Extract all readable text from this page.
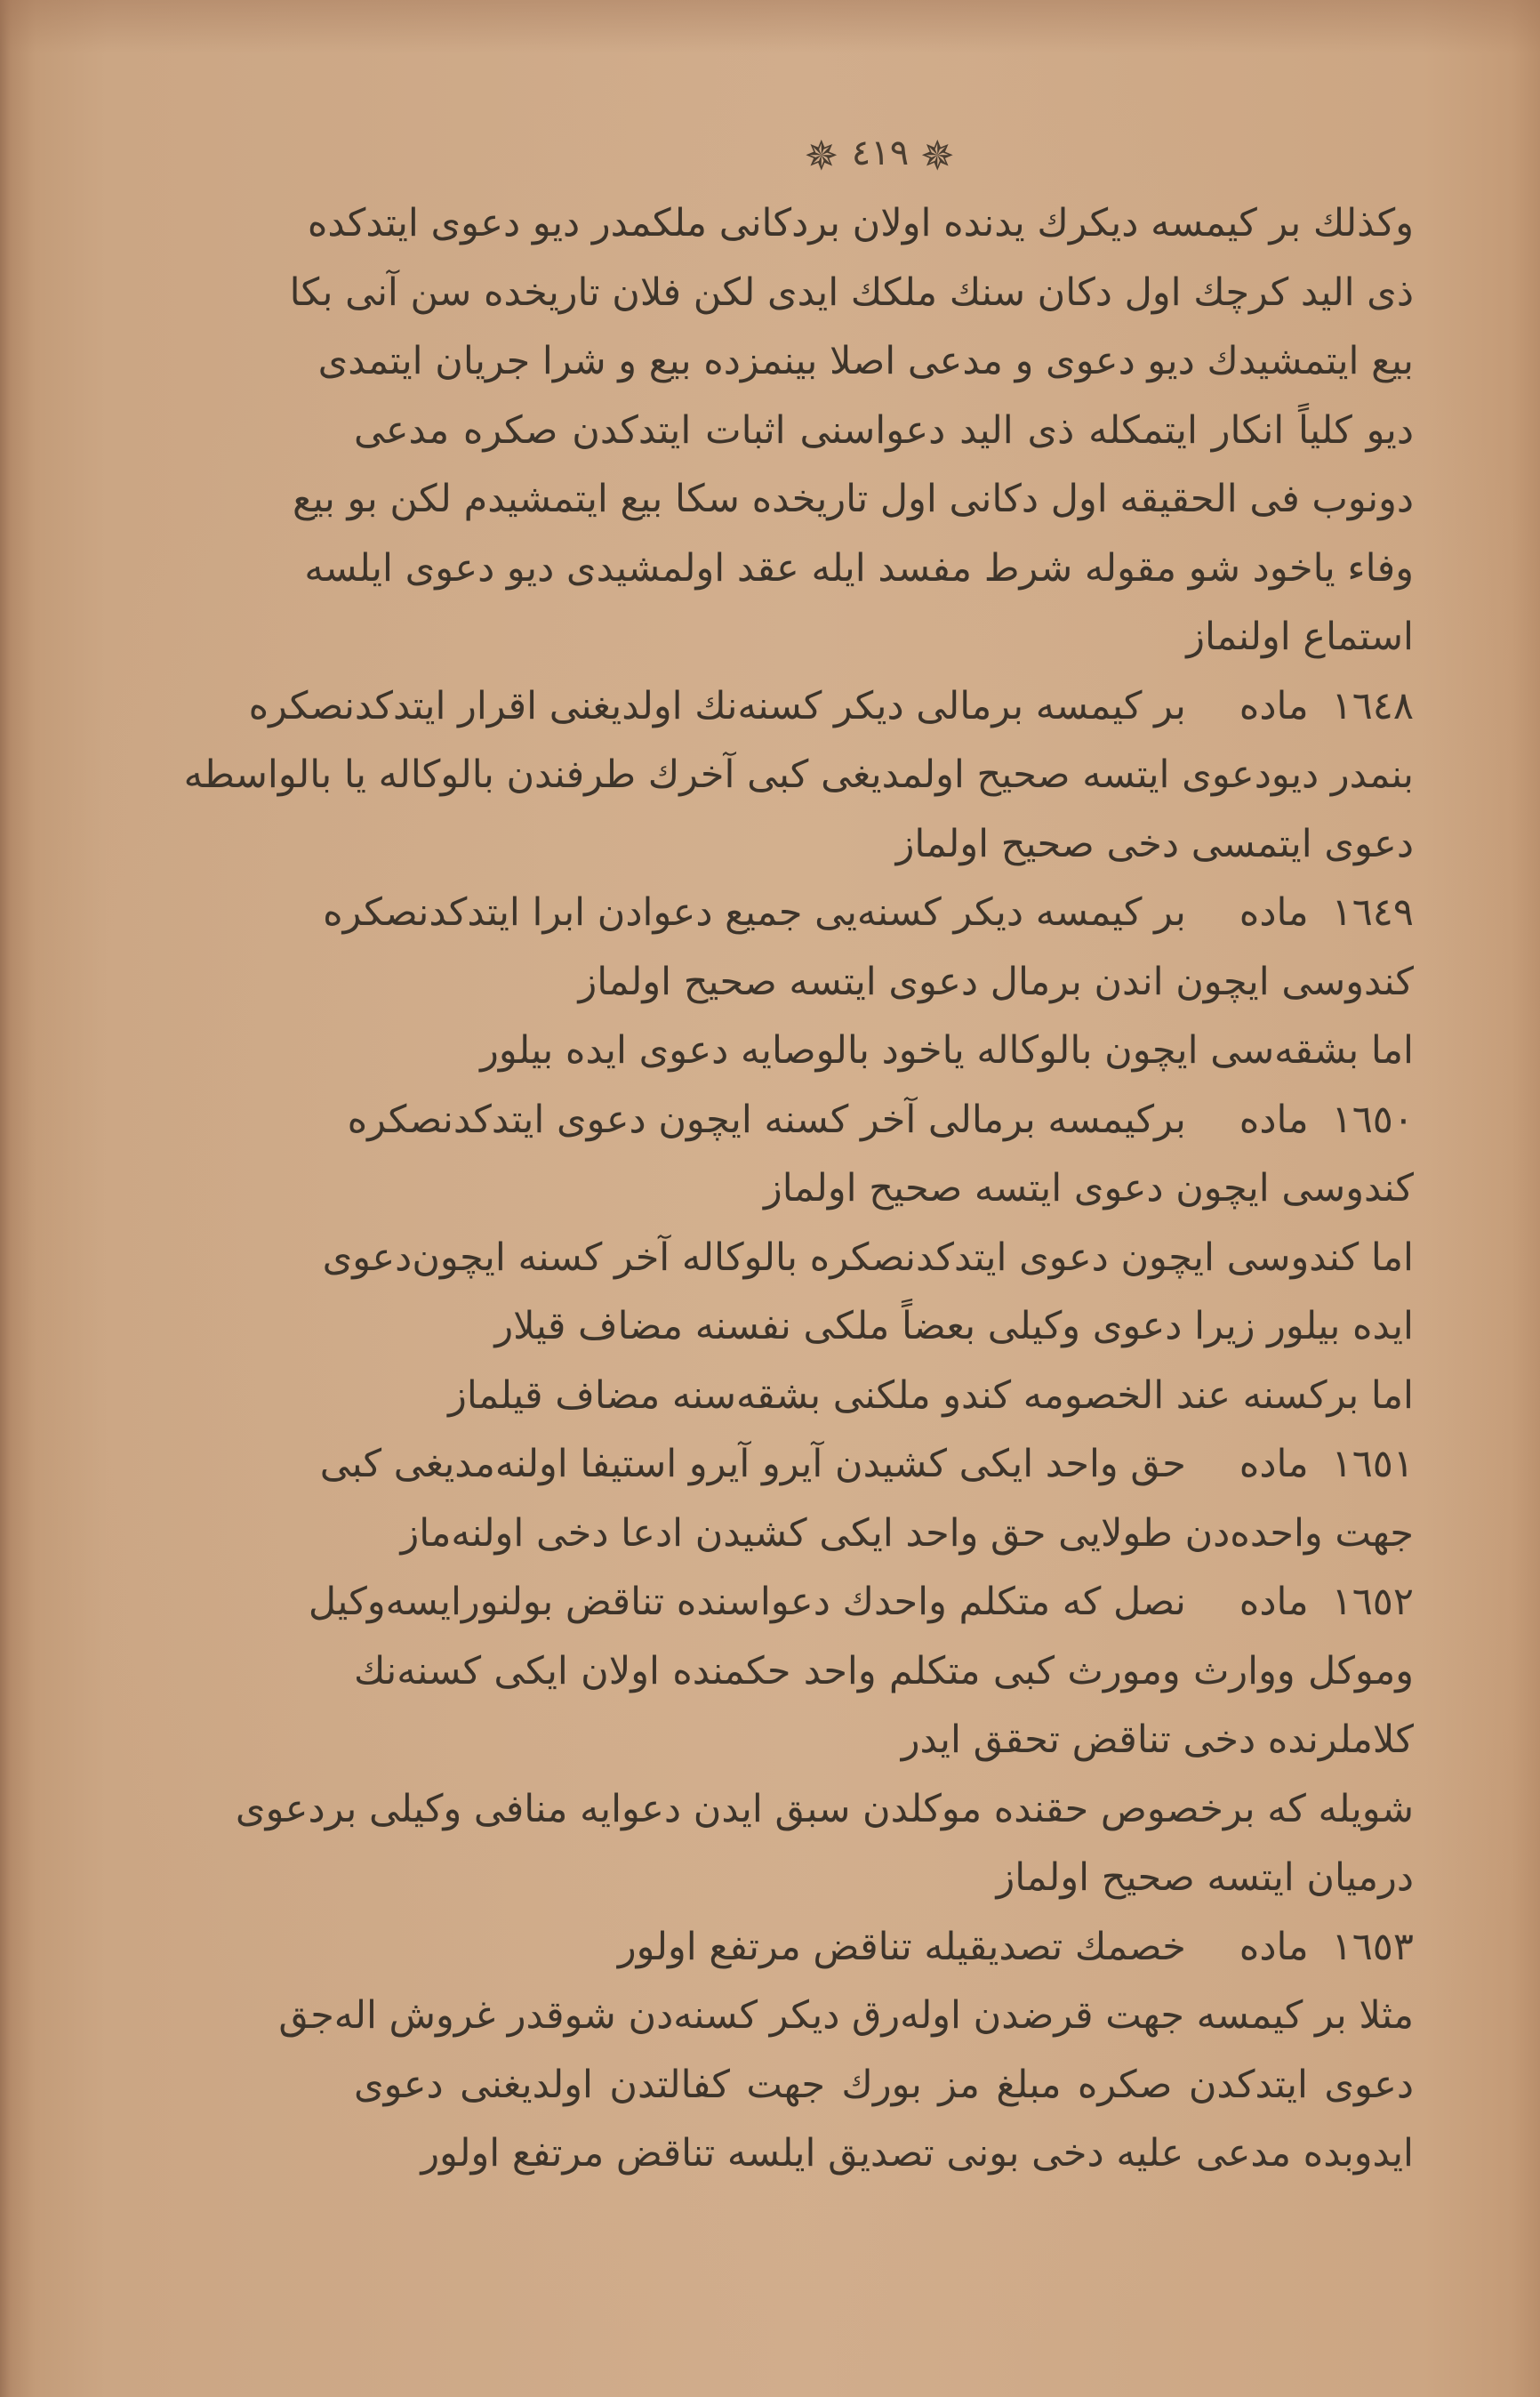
✵ ٤١٩ ✵
وكذلك بر كيمسه ديكرك يدنده اولان بردكانى ملكمدر ديو دعوى ايتدكده
ذى اليد كرچك اول دكان سنك ملكك ايدى لكن فلان تاريخده سن آنى بكا
بيع ايتمشيدك ديو دعوى و مدعى اصلا بينمزده بيع و شرا جريان ايتمدى
ديو كلياً انكار ايتمكله ذى اليد دعواسنى اثبات ايتدكدن صكره مدعى
دونوب فى الحقيقه اول دكانى اول تاريخده سكا بيع ايتمشيدم لكن بو بيع
وفاء ياخود شو مقوله شرط مفسد ايله عقد اولمشيدى ديو دعوى ايلسه
استماع اولنماز
١٦٤٨مادهبر كيمسه برمالى ديكر كسنه‌نك اولديغنى اقرار ايتدكدنصكره
بنمدر ديودعوى ايتسه صحيح اولمديغى كبى آخرك طرفندن بالوكاله يا بالواسطه
دعوى ايتمسى دخى صحيح اولماز
١٦٤٩مادهبر كيمسه ديكر كسنه‌يى جميع دعوادن ابرا ايتدكدنصكره
كندوسى ايچون اندن برمال دعوى ايتسه صحيح اولماز
اما بشقه‌سى ايچون بالوكاله ياخود بالوصايه دعوى ايده بيلور
١٦٥٠مادهبركيمسه برمالى آخر كسنه ايچون دعوى ايتدكدنصكره
كندوسى ايچون دعوى ايتسه صحيح اولماز
اما كندوسى ايچون دعوى ايتدكدنصكره بالوكاله آخر كسنه ايچون‌دعوى
ايده بيلور زيرا دعوى وكيلى بعضاً ملكى نفسنه مضاف قيلار
اما بركسنه عند الخصومه كندو ملكنى بشقه‌سنه مضاف قيلماز
١٦٥١مادهحق واحد ايكى كشيدن آيرو آيرو استيفا اولنه‌مديغى كبى
جهت واحده‌دن طولايى حق واحد ايكى كشيدن ادعا دخى اولنه‌ماز
١٦٥٢مادهنصل كه متكلم واحدك دعواسنده تناقض بولنورايسه‌وكيل
وموكل ووارث ومورث كبى متكلم واحد حكمنده اولان ايكى كسنه‌نك
كلاملرنده دخى تناقض تحقق ايدر
شويله كه برخصوص حقنده موكلدن سبق ايدن دعوايه منافى وكيلى بردعوى
درميان ايتسه صحيح اولماز
١٦٥٣مادهخصمك تصديقيله تناقض مرتفع اولور
مثلا بر كيمسه جهت قرضدن اوله‌رق ديكر كسنه‌دن شوقدر غروش اله‌جق
دعوى ايتدكدن صكره مبلغ مز بورك جهت كفالتدن اولديغنى دعوى
ايدوبده مدعى عليه دخى بونى تصديق ايلسه تناقض مرتفع اولور
